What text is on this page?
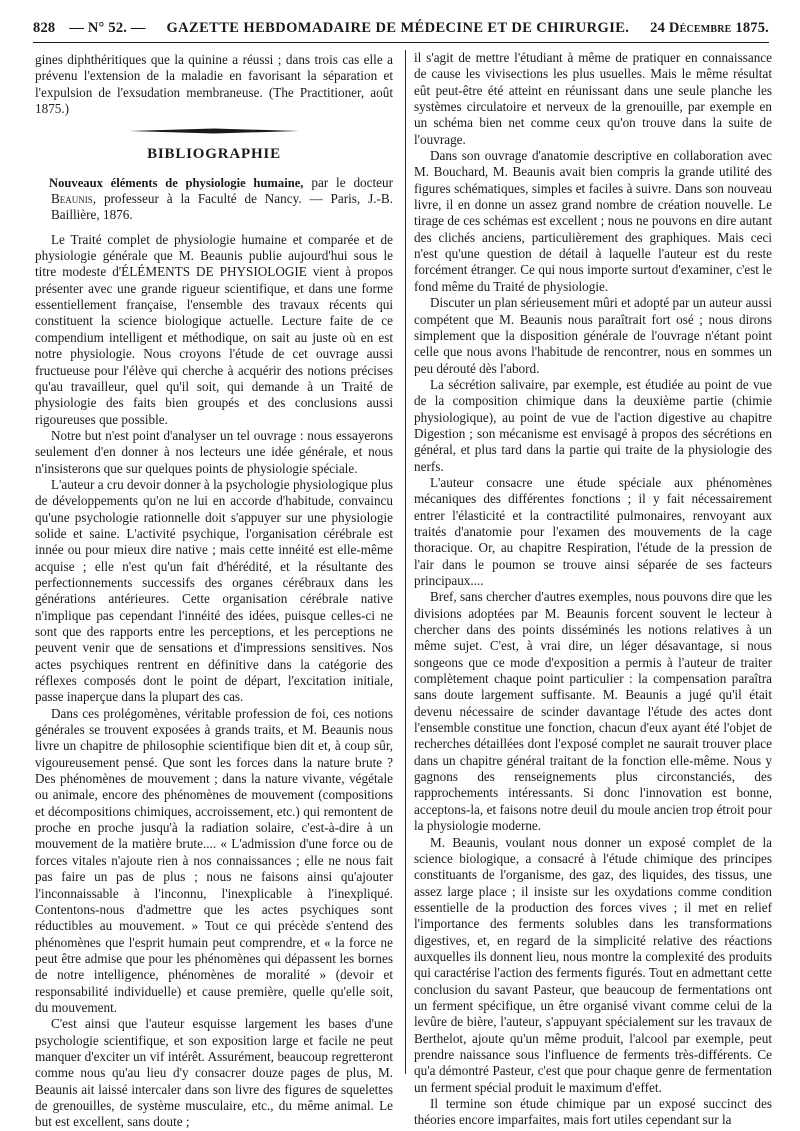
828 — N° 52. — GAZETTE HEBDOMADAIRE DE MÉDECINE ET DE CHIRURGIE. 24 Décembre 1875.

gines diphthéritiques que la quinine a réussi ; dans trois cas elle a prévenu l'extension de la maladie en favorisant la séparation et l'expulsion de l'exsudation membraneuse. (The Practitioner, août 1875.)

BIBLIOGRAPHIE
Nouveaux éléments de physiologie humaine, par le docteur Beaunis, professeur à la Faculté de Nancy. — Paris, J.-B. Baillière, 1876.

Le Traité complet de physiologie humaine et comparée et de physiologie générale que M. Beaunis publie aujourd'hui sous le titre modeste d'ÉLÉMENTS DE PHYSIOLOGIE vient à propos présenter avec une grande rigueur scientifique, et dans une forme essentiellement française, l'ensemble des travaux récents qui constituent la science biologique actuelle. Lecture faite de ce compendium intelligent et méthodique, on sait au juste où en est notre physiologie. Nous croyons l'étude de cet ouvrage aussi fructueuse pour l'élève qui cherche à acquérir des notions précises qu'au travailleur, quel qu'il soit, qui demande à un Traité de physiologie des faits bien groupés et des conclusions aussi rigoureuses que possible.

Notre but n'est point d'analyser un tel ouvrage : nous essayerons seulement d'en donner à nos lecteurs une idée générale, et nous n'insisterons que sur quelques points de physiologie spéciale.

L'auteur a cru devoir donner à la psychologie physiologique plus de développements qu'on ne lui en accorde d'habitude, convaincu qu'une psychologie rationnelle doit s'appuyer sur une physiologie solide et saine. L'activité psychique, l'organisation cérébrale est innée ou pour mieux dire native ; mais cette innéité est elle-même acquise ; elle n'est qu'un fait d'hérédité, et la résultante des perfectionnements successifs des organes cérébraux dans les générations antérieures. Cette organisation cérébrale native n'implique pas cependant l'innéité des idées, puisque celles-ci ne sont que des rapports entre les perceptions, et les perceptions ne peuvent venir que de sensations et d'impressions sensitives. Nos actes psychiques rentrent en définitive dans la catégorie des réflexes composés dont le point de départ, l'excitation initiale, passe inaperçue dans la plupart des cas.

Dans ces prolégomènes, véritable profession de foi, ces notions générales se trouvent exposées à grands traits, et M. Beaunis nous livre un chapitre de philosophie scientifique bien dit et, à coup sûr, vigoureusement pensé. Que sont les forces dans la nature brute ? Des phénomènes de mouvement ; dans la nature vivante, végétale ou animale, encore des phénomènes de mouvement (compositions et décompositions chimiques, accroissement, etc.) qui remontent de proche en proche jusqu'à la radiation solaire, c'est-à-dire à un mouvement de la matière brute.... « L'admission d'une force ou de forces vitales n'ajoute rien à nos connaissances ; elle ne nous fait pas faire un pas de plus ; nous ne faisons ainsi qu'ajouter l'inconnaissable à l'inconnu, l'inexplicable à l'inexpliqué. Contentons-nous d'admettre que les actes psychiques sont réductibles au mouvement. » Tout ce qui précède s'entend des phénomènes que l'esprit humain peut comprendre, et « la force ne peut être admise que pour les phénomènes qui dépassent les bornes de notre intelligence, phénomènes de moralité » (devoir et responsabilité individuelle) et cause première, quelle qu'elle soit, du mouvement.

C'est ainsi que l'auteur esquisse largement les bases d'une psychologie scientifique, et son exposition large et facile ne peut manquer d'exciter un vif intérêt. Assurément, beaucoup regretteront comme nous qu'au lieu d'y consacrer douze pages de plus, M. Beaunis ait laissé intercaler dans son livre des figures de squelettes de grenouilles, de système musculaire, etc., du même animal. Le but est excellent, sans doute ;

il s'agit de mettre l'étudiant à même de pratiquer en connaissance de cause les vivisections les plus usuelles. Mais le même résultat eût peut-être été atteint en réunissant dans une seule planche les systèmes circulatoire et nerveux de la grenouille, par exemple en un schéma bien net comme ceux qu'on trouve dans la suite de l'ouvrage.

Dans son ouvrage d'anatomie descriptive en collaboration avec M. Bouchard, M. Beaunis avait bien compris la grande utilité des figures schématiques, simples et faciles à suivre. Dans son nouveau livre, il en donne un assez grand nombre de création nouvelle. Le tirage de ces schémas est excellent ; nous ne pouvons en dire autant des clichés anciens, particulièrement des graphiques. Mais ceci n'est qu'une question de détail à laquelle l'auteur est du reste forcément étranger. Ce qui nous importe surtout d'examiner, c'est le fond même du Traité de physiologie.

Discuter un plan sérieusement mûri et adopté par un auteur aussi compétent que M. Beaunis nous paraîtrait fort osé ; nous dirons simplement que la disposition générale de l'ouvrage n'étant point celle que nous avons l'habitude de rencontrer, nous en sommes un peu dérouté dès l'abord.

La sécrétion salivaire, par exemple, est étudiée au point de vue de la composition chimique dans la deuxième partie (chimie physiologique), au point de vue de l'action digestive au chapitre Digestion ; son mécanisme est envisagé à propos des sécrétions en général, et plus tard dans la partie qui traite de la physiologie des nerfs.

L'auteur consacre une étude spéciale aux phénomènes mécaniques des différentes fonctions ; il y fait nécessairement entrer l'élasticité et la contractilité pulmonaires, renvoyant aux traités d'anatomie pour l'examen des mouvements de la cage thoracique. Or, au chapitre Respiration, l'étude de la pression de l'air dans le poumon se trouve ainsi séparée de ses facteurs principaux....

Bref, sans chercher d'autres exemples, nous pouvons dire que les divisions adoptées par M. Beaunis forcent souvent le lecteur à chercher dans des points disséminés les notions relatives à un même sujet. C'est, à vrai dire, un léger désavantage, si nous songeons que ce mode d'exposition a permis à l'auteur de traiter complètement chaque point particulier : la compensation paraîtra sans doute largement suffisante. M. Beaunis a jugé qu'il était devenu nécessaire de scinder davantage l'étude des actes dont l'ensemble constitue une fonction, chacun d'eux ayant été l'objet de recherches détaillées dont l'exposé complet ne saurait trouver place dans un chapitre général traitant de la fonction elle-même. Nous y gagnons des renseignements plus circonstanciés, des rapprochements intéressants. Si donc l'innovation est bonne, acceptons-la, et faisons notre deuil du moule ancien trop étroit pour la physiologie moderne.

M. Beaunis, voulant nous donner un exposé complet de la science biologique, a consacré à l'étude chimique des principes constituants de l'organisme, des gaz, des liquides, des tissus, une assez large place ; il insiste sur les oxydations comme condition essentielle de la production des forces vives ; il met en relief l'importance des ferments solubles dans les transformations digestives, et, en regard de la simplicité relative des réactions auxquelles ils donnent lieu, nous montre la complexité des produits qui caractérise l'action des ferments figurés. Tout en admettant cette conclusion du savant Pasteur, que beaucoup de fermentations ont un ferment spécifique, un être organisé vivant comme celui de la levûre de bière, l'auteur, s'appuyant spécialement sur les travaux de Berthelot, ajoute qu'un même produit, l'alcool par exemple, peut prendre naissance sous l'influence de ferments très-différents. Ce qu'a démontré Pasteur, c'est que pour chaque genre de fermentation un ferment spécial produit le maximum d'effet.

Il termine son étude chimique par un exposé succinct des théories encore imparfaites, mais fort utiles cependant sur la
